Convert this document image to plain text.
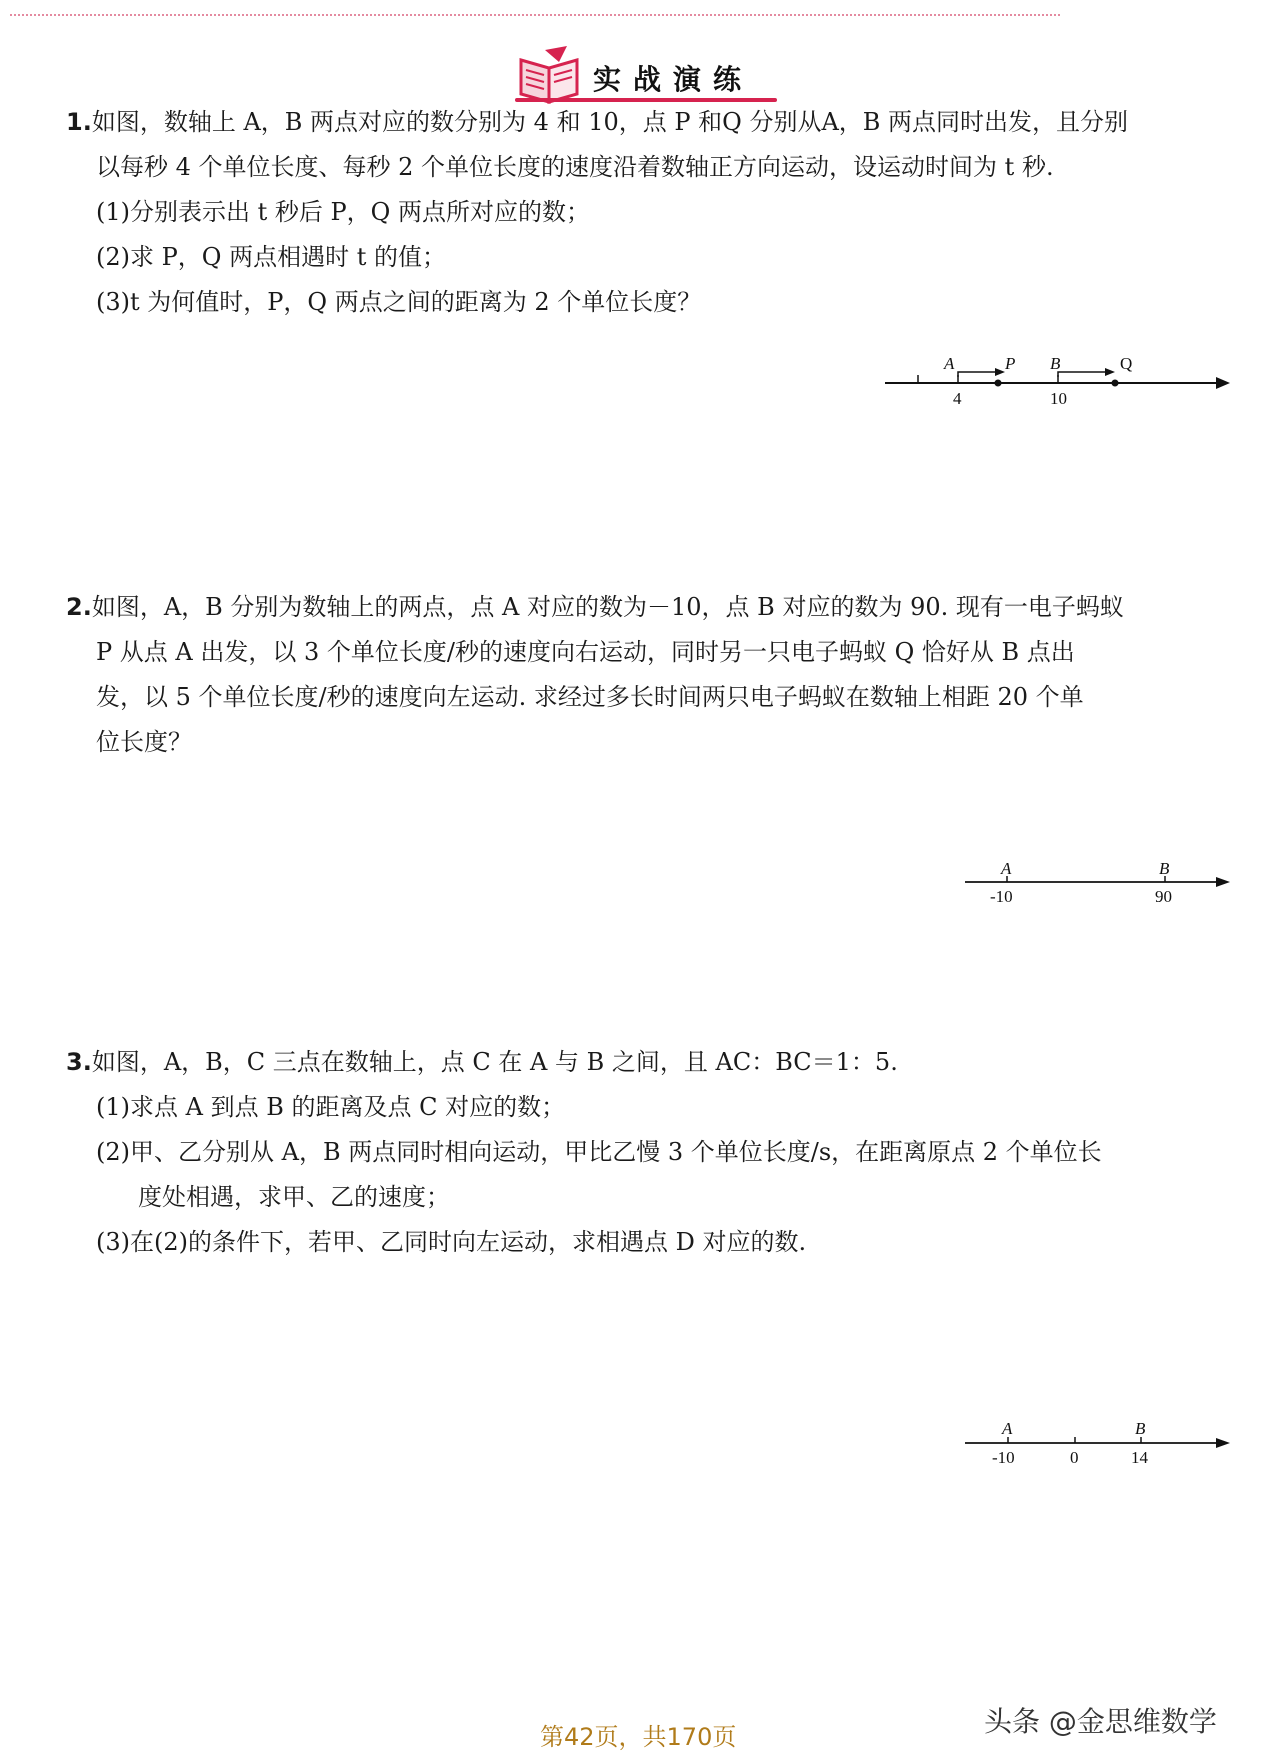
实战演练
1.如图，数轴上 A，B 两点对应的数分别为 4 和 10，点 P 和Q 分别从A，B 两点同时出发，且分别
以每秒 4 个单位长度、每秒 2 个单位长度的速度沿着数轴正方向运动，设运动时间为 t 秒.
(1)分别表示出 t 秒后 P，Q 两点所对应的数；
(2)求 P，Q 两点相遇时 t 的值；
(3)t 为何值时，P，Q 两点之间的距离为 2 个单位长度？
A	P B	Q
4	10
2.如图，A，B 分别为数轴上的两点，点 A 对应的数为－10，点 B 对应的数为 90. 现有一电子蚂蚁
P 从点 A 出发，以 3 个单位长度/秒的速度向右运动，同时另一只电子蚂蚁 Q 恰好从 B 点出
发，以 5 个单位长度/秒的速度向左运动. 求经过多长时间两只电子蚂蚁在数轴上相距 20 个单
位长度？
A	B
-10	90
3.如图，A，B，C 三点在数轴上，点 C 在 A 与 B 之间，且 AC：BC＝1：5.
(1)求点 A 到点 B 的距离及点 C 对应的数；
(2)甲、乙分别从 A，B 两点同时相向运动，甲比乙慢 3 个单位长度/s，在距离原点 2 个单位长
度处相遇，求甲、乙的速度；
(3)在(2)的条件下，若甲、乙同时向左运动，求相遇点 D 对应的数.
A	B
-10	0	14
头条 @金思维数学
第42页，共170页
